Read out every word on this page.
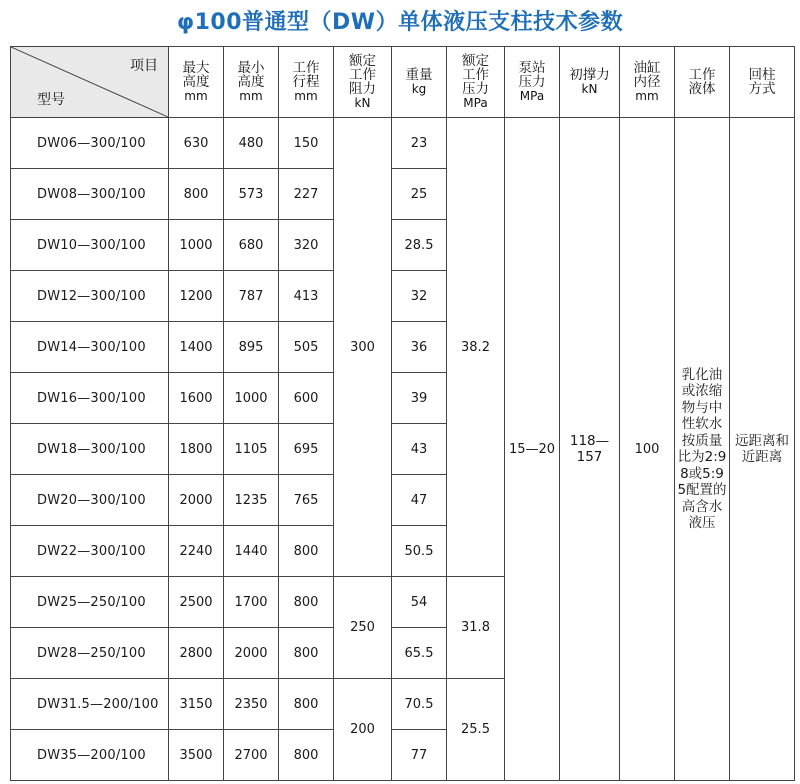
φ100普通型（DW）单体液压支柱技术参数
项目
型号	最大
高度
mm	最小
高度
mm	工作
行程
mm	额定
工作
阻力
kN	重量
kg	额定
工作
压力
MPa	泵站
压力
MPa	初撑力
kN	油缸
内径
mm	工作
液体	回柱
方式
DW06—300/100	630	480	150	300	23	38.2	15—20	118—157	100	乳化油或浓缩物与中性软水按质量比为2:98或5:95配置的高含水液压	远距离和近距离
DW08—300/100	800	573	227		25						
DW10—300/100	1000	680	320		28.5						
DW12—300/100	1200	787	413		32						
DW14—300/100	1400	895	505		36						
DW16—300/100	1600	1000	600		39						
DW18—300/100	1800	1105	695		43						
DW20—300/100	2000	1235	765		47						
DW22—300/100	2240	1440	800		50.5						
DW25—250/100	2500	1700	800	250	54	31.8					
DW28—250/100	2800	2000	800		65.5						
DW31.5—200/100	3150	2350	800	200	70.5	25.5					
DW35—200/100	3500	2700	800		77						
